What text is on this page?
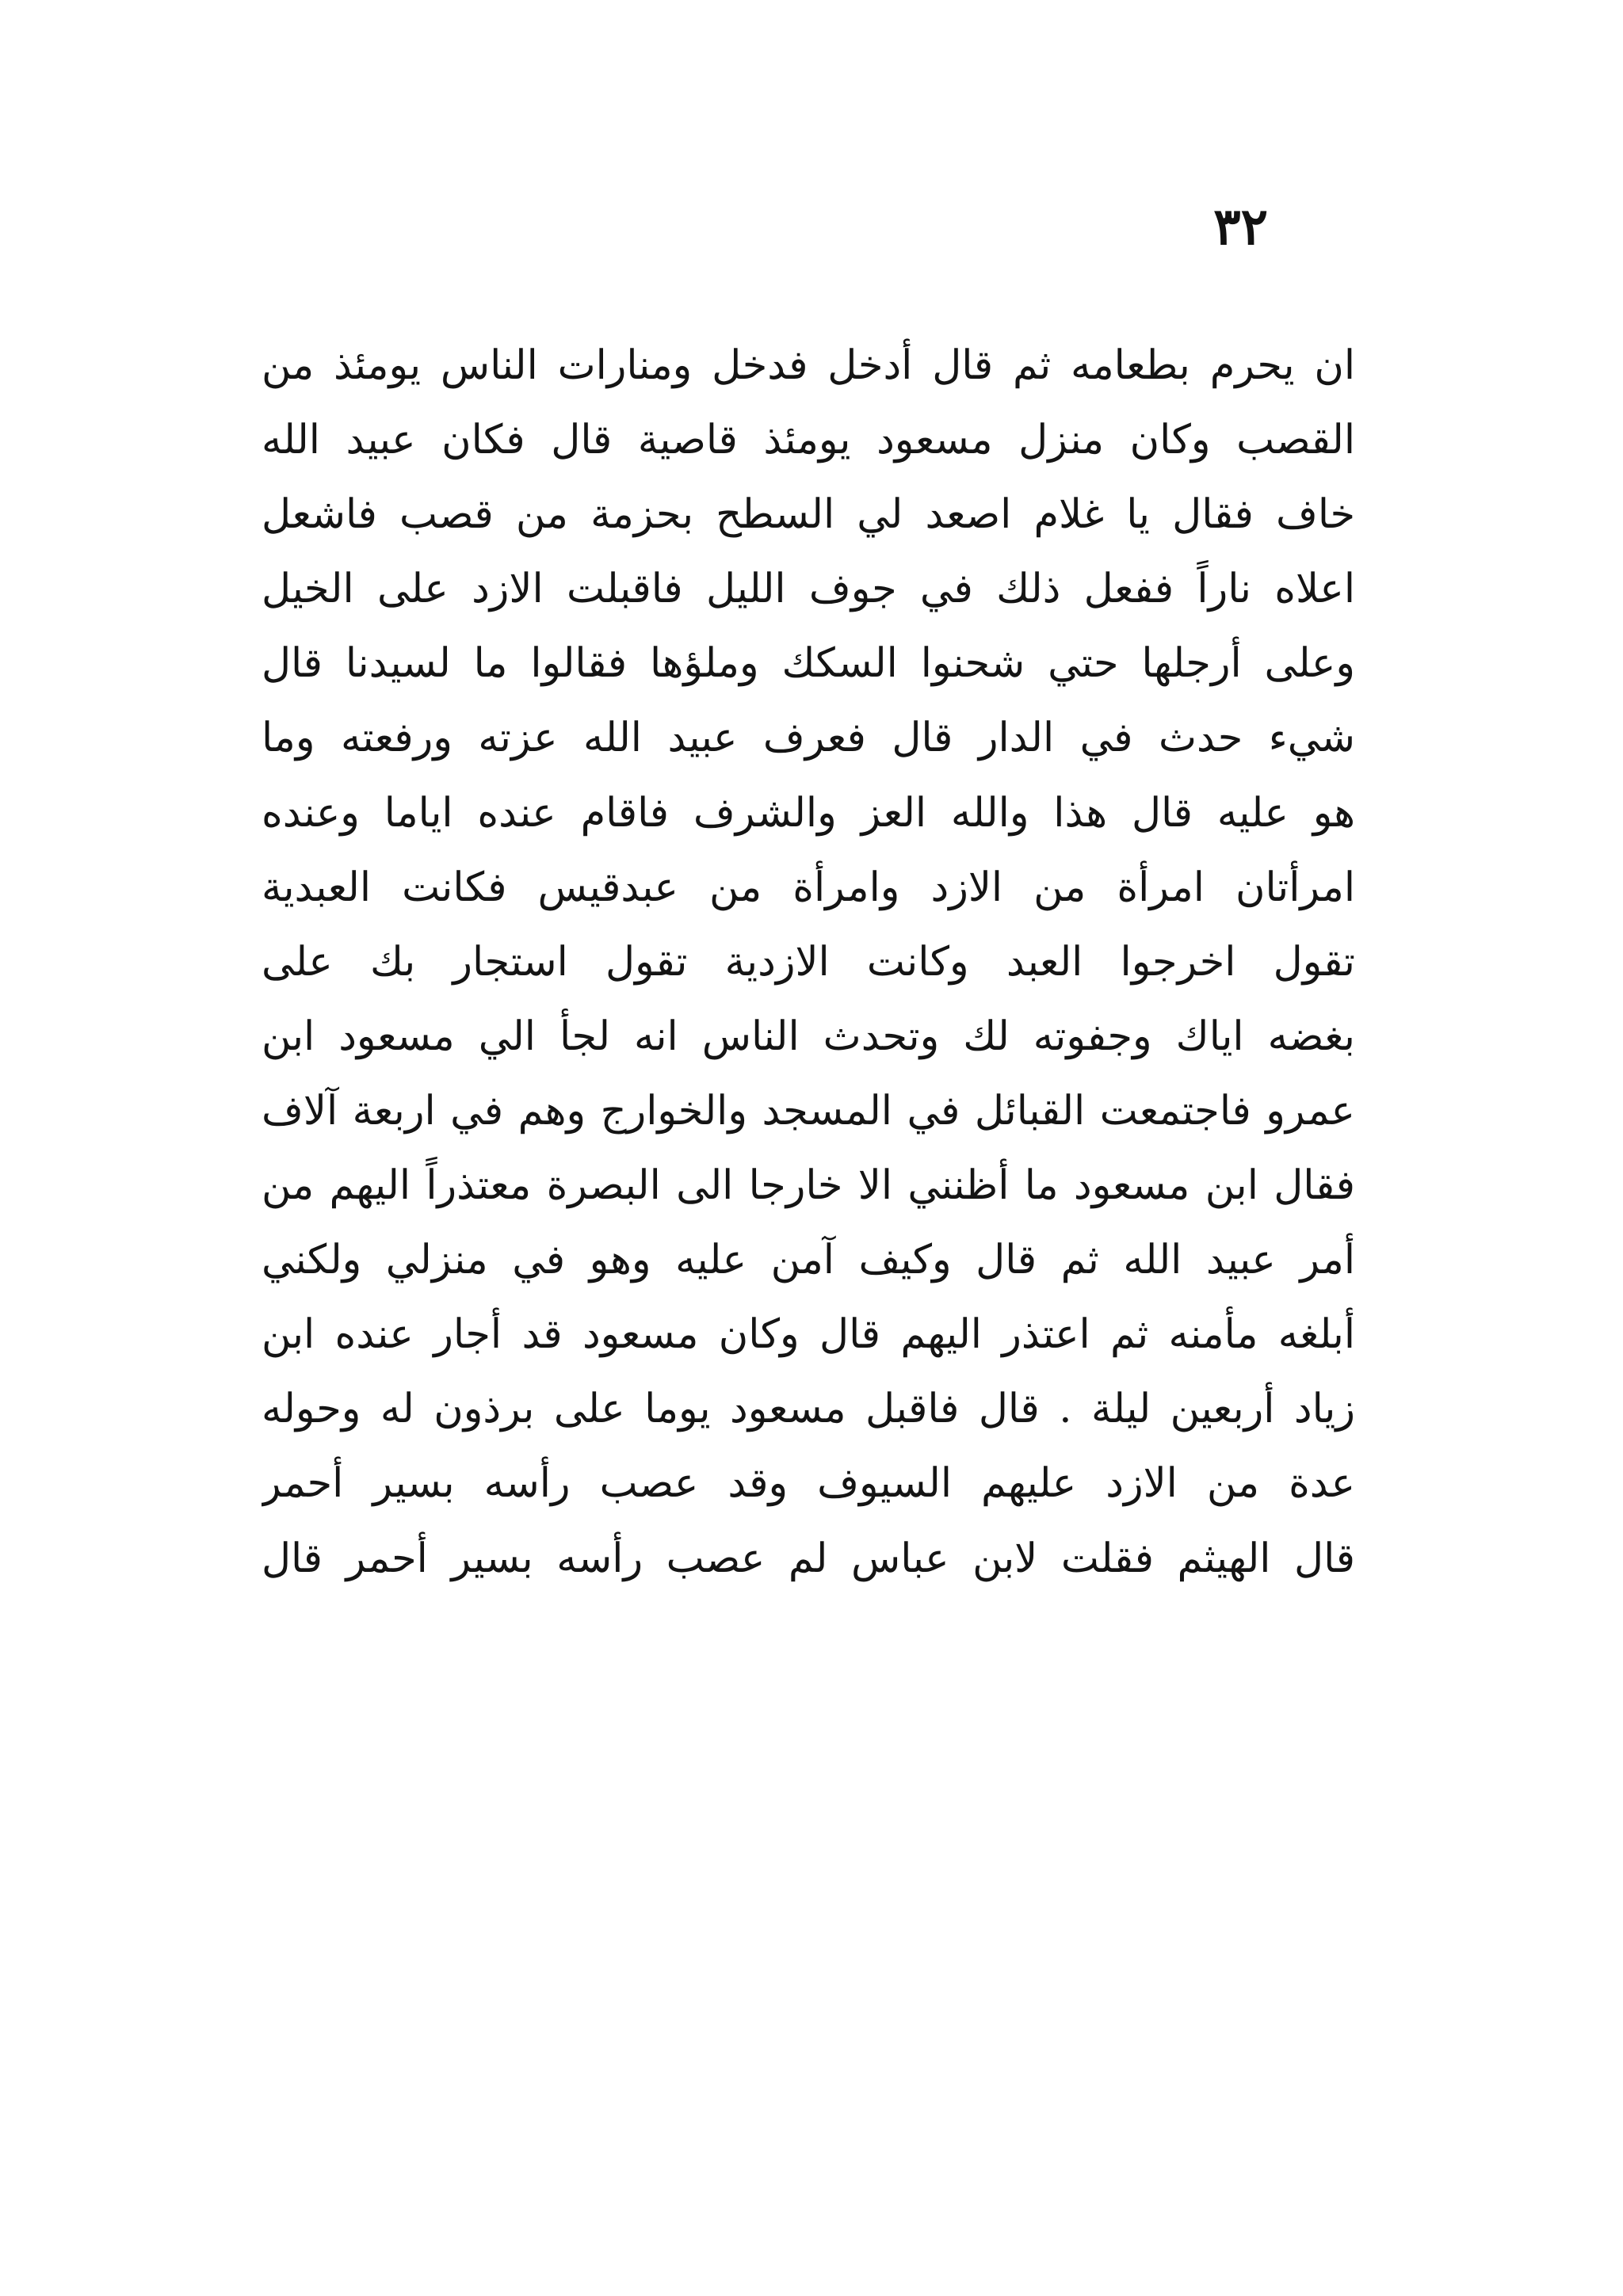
٣٢
ان يحرم بطعامه ثم قال أدخل فدخل ومنارات الناس يومئذ من
القصب وكان منزل مسعود يومئذ قاصية قال فكان عبيد الله
خاف فقال يا غلام اصعد لي السطح بحزمة من قصب فاشعل
اعلاه ناراً ففعل ذلك في جوف الليل فاقبلت الازد على الخيل
وعلى أرجلها حتي شحنوا السكك وملؤها فقالوا ما لسيدنا قال
شيء حدث في الدار قال فعرف عبيد الله عزته ورفعته وما
هو عليه قال هذا والله العز والشرف فاقام عنده اياما وعنده
امرأتان امرأة من الازد وامرأة من عبدقيس فكانت العبدية
تقول اخرجوا العبد وكانت الازدية تقول استجار بك على
بغضه اياك وجفوته لك وتحدث الناس انه لجأ الي مسعود ابن
عمرو فاجتمعت القبائل في المسجد والخوارج وهم في اربعة آلاف
فقال ابن مسعود ما أظنني الا خارجا الى البصرة معتذراً اليهم من
أمر عبيد الله ثم قال وكيف آمن عليه وهو في منزلي ولكني
أبلغه مأمنه ثم اعتذر اليهم قال وكان مسعود قد أجار عنده ابن
زياد أربعين ليلة . قال فاقبل مسعود يوما على برذون له وحوله
عدة من الازد عليهم السيوف وقد عصب رأسه بسير أحمر
قال الهيثم فقلت لابن عباس لم عصب رأسه بسير أحمر قال
